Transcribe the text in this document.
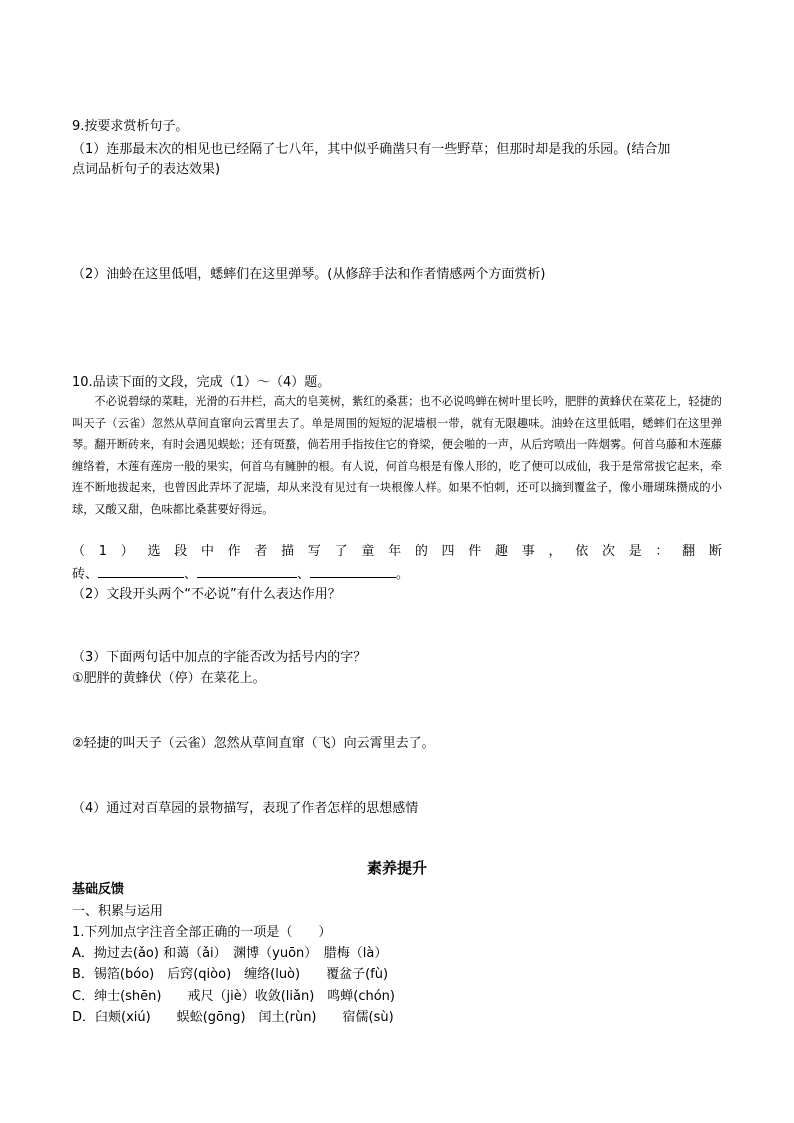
9.按要求赏析句子。
（1）连那最末次的相见也已经隔了七八年，其中似乎确凿只有一些野草；但那时却是我的乐园。(结合加
点词品析句子的表达效果)
（2）油蛉在这里低唱，蟋蟀们在这里弹琴。(从修辞手法和作者情感两个方面赏析)
10.品读下面的文段，完成（1）～（4）题。

不必说碧绿的菜畦，光滑的石井栏，高大的皂荚树，紫红的桑葚；也不必说鸣蝉在树叶里长吟，肥胖的黄蜂伏在菜花上，轻捷的叫天子（云雀）忽然从草间直窜向云霄里去了。单是周围的短短的泥墙根一带，就有无限趣味。油蛉在这里低唱，蟋蟀们在这里弹琴。翻开断砖来，有时会遇见蜈蚣；还有斑蝥，倘若用手指按住它的脊梁，便会啪的一声，从后窍喷出一阵烟雾。何首乌藤和木莲藤缠络着，木莲有莲房一般的果实，何首乌有臃肿的根。有人说，何首乌根是有像人形的，吃了便可以成仙，我于是常常拔它起来，牵连不断地拔起来，也曾因此弄坏了泥墙，却从来没有见过有一块根像人样。如果不怕刺，还可以摘到覆盆子，像小珊瑚珠攒成的小球，又酸又甜，色味都比桑葚要好得远。

（ 1 ） 选 段 中 作 者 描 写 了 童 年 的 四 件 趣 事 ， 依 次 是 ： 翻 断
砖、	、	、	。
（2）文段开头两个“不必说”有什么表达作用？
（3）下面两句话中加点的字能否改为括号内的字？
①肥胖的黄蜂伏（停）在菜花上。
②轻捷的叫天子（云雀）忽然从草间直窜（飞）向云霄里去了。
（4）通过对百草园的景物描写，表现了作者怎样的思想感情
素养提升
基础反馈
一、积累与运用
1.下列加点字注音全部正确的一项是（　　）
A．拗过去(ǎo) 和蔼（ǎi）　渊博（yuōn）　腊梅（là）
B．锡箔(bóo)　后窍(qiòo)　缠络(luò)　　覆盆子(fù)
C．绅士(shēn)　　戒尺（jiè）收敛(liǎn)　鸣蝉(chón)
D．臼颊(xiú)　　蜈蚣(gōng)　闰土(rùn)　　宿儒(sù)
